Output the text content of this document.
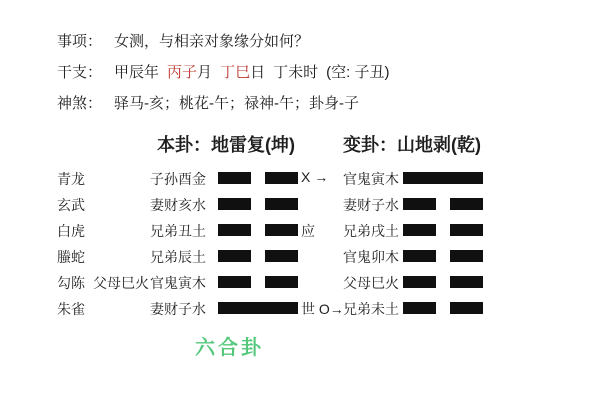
事项： 女测，与相亲对象缘分如何？
干支： 甲辰年 丙子月 丁巳日 丁未时 (空: 子丑)
神煞： 驿马-亥；桃花-午；禄神-午；卦身-子
本卦：地雷复(坤)	变卦：山地剥(乾)
青龙	子孙酉金	X → 官鬼寅木
玄武	妻财亥水	妻财子水
白虎	兄弟丑土	应 兄弟戌土
螣蛇	兄弟辰土	官鬼卯木
勾陈 父母巳火 官鬼寅木	父母巳火
朱雀	妻财子水	世 O→ 兄弟未土
六合卦
